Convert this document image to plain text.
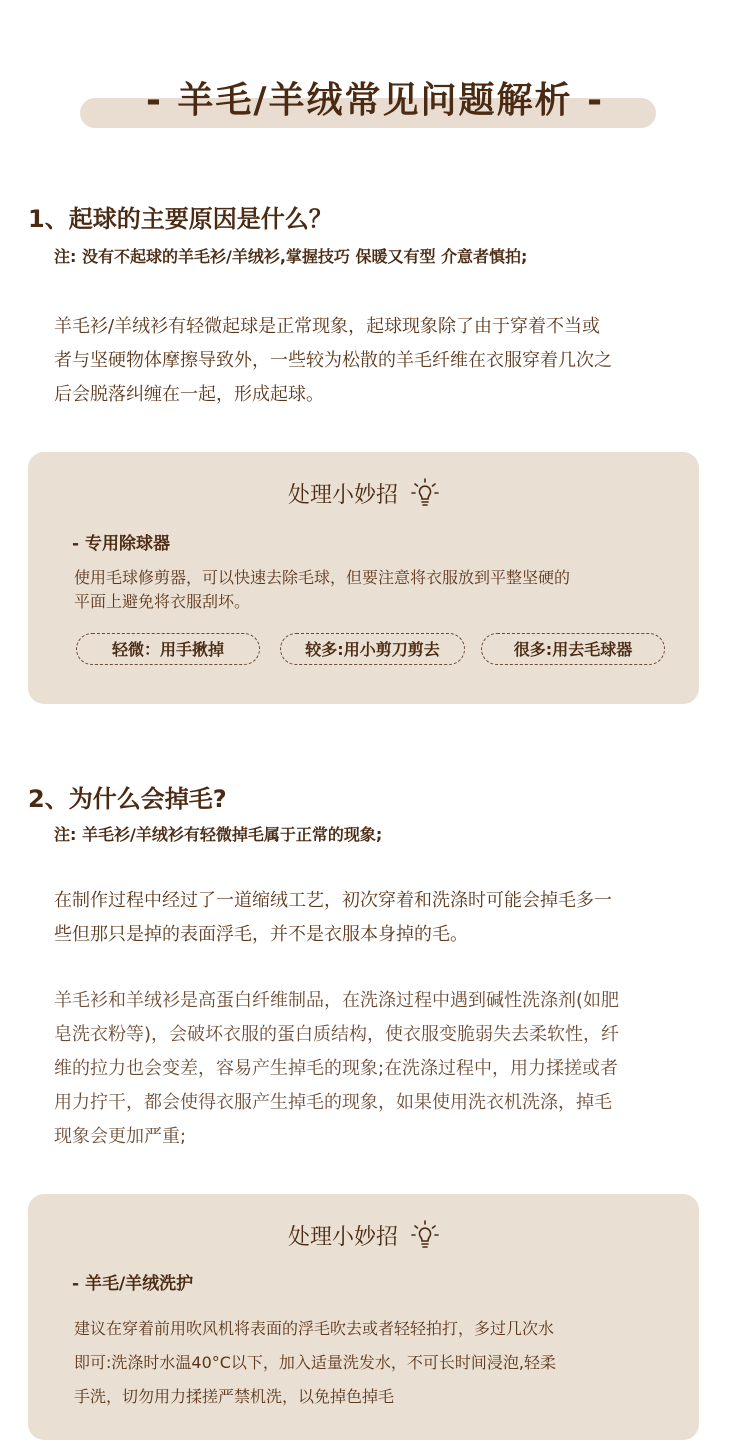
- 羊毛/羊绒常见问题解析 -
1、起球的主要原因是什么？
注: 没有不起球的羊毛衫/羊绒衫,掌握技巧 保暖又有型 介意者慎拍;
羊毛衫/羊绒衫有轻微起球是正常现象，起球现象除了由于穿着不当或
者与坚硬物体摩擦导致外，一些较为松散的羊毛纤维在衣服穿着几次之
后会脱落纠缠在一起，形成起球。
处理小妙招
- 专用除球器
使用毛球修剪器，可以快速去除毛球，但要注意将衣服放到平整坚硬的
平面上避免将衣服刮坏。
轻微：用手揪掉	较多:用小剪刀剪去	很多:用去毛球器
2、为什么会掉毛?
注: 羊毛衫/羊绒衫有轻微掉毛属于正常的现象;
在制作过程中经过了一道缩绒工艺，初次穿着和洗涤时可能会掉毛多一
些但那只是掉的表面浮毛，并不是衣服本身掉的毛。
羊毛衫和羊绒衫是高蛋白纤维制品，在洗涤过程中遇到碱性洗涤剂(如肥
皂洗衣粉等)，会破坏衣服的蛋白质结构，使衣服变脆弱失去柔软性，纤
维的拉力也会变差，容易产生掉毛的现象;在洗涤过程中，用力揉搓或者
用力拧干，都会使得衣服产生掉毛的现象，如果使用洗衣机洗涤，掉毛
现象会更加严重;
处理小妙招
- 羊毛/羊绒洗护
建议在穿着前用吹风机将表面的浮毛吹去或者轻轻拍打，多过几次水
即可:洗涤时水温40°C以下，加入适量洗发水，不可长时间浸泡,轻柔
手洗，切勿用力揉搓严禁机洗，以免掉色掉毛
